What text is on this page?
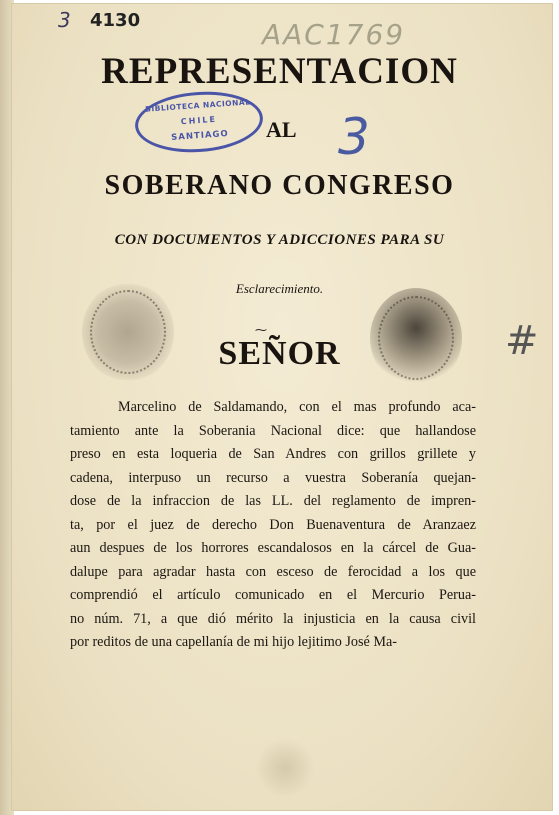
3 4130	AAC1769
3
#
REPRESENTACION
BIBLIOTECA NACIONAL
CHILE
SANTIAGO	AL
SOBERANO CONGRESO
CON DOCUMENTOS Y ADICCIONES PARA SU
Esclarecimiento.
⁓
SEÑOR
Marcelino de Saldamando, con el mas profundo aca-
tamiento ante la Soberania Nacional dice: que hallandose
preso en esta loqueria de San Andres con grillos grillete y
cadena, interpuso un recurso a vuestra Soberanía quejan-
dose de la infraccion de las LL. del reglamento de impren-
ta, por el juez de derecho Don Buenaventura de Aranzaez
aun despues de los horrores escandalosos en la cárcel de Gua-
dalupe para agradar hasta con esceso de ferocidad a los que
comprendió el artículo comunicado en el Mercurio Peruа-
no núm. 71, a que dió mérito la injusticia en la causa civil
por reditos de una capellanía de mi hijo lejitimo José Ma-
